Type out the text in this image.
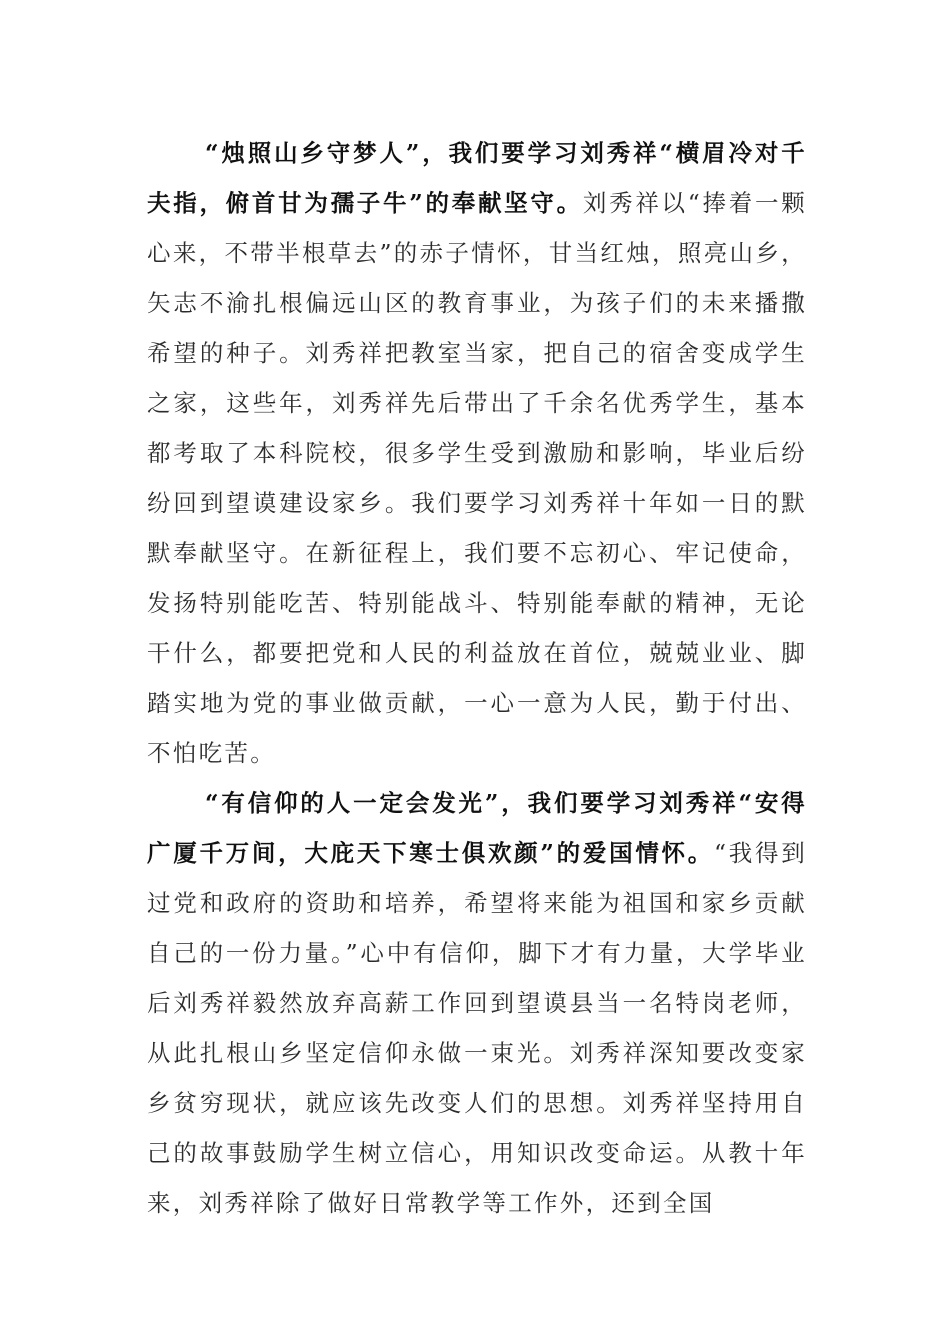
“烛照山乡守梦人”，我们要学习刘秀祥“横眉冷对千夫指，俯首甘为孺子牛”的奉献坚守。刘秀祥以“捧着一颗心来，不带半根草去”的赤子情怀，甘当红烛，照亮山乡，矢志不渝扎根偏远山区的教育事业，为孩子们的未来播撒希望的种子。刘秀祥把教室当家，把自己的宿舍变成学生之家，这些年，刘秀祥先后带出了千余名优秀学生，基本都考取了本科院校，很多学生受到激励和影响，毕业后纷纷回到望谟建设家乡。我们要学习刘秀祥十年如一日的默默奉献坚守。在新征程上，我们要不忘初心、牢记使命，发扬特别能吃苦、特别能战斗、特别能奉献的精神，无论干什么，都要把党和人民的利益放在首位，兢兢业业、脚踏实地为党的事业做贡献，一心一意为人民，勤于付出、不怕吃苦。

“有信仰的人一定会发光”，我们要学习刘秀祥“安得广厦千万间，大庇天下寒士俱欢颜”的爱国情怀。“我得到过党和政府的资助和培养，希望将来能为祖国和家乡贡献自己的一份力量。”心中有信仰，脚下才有力量，大学毕业后刘秀祥毅然放弃高薪工作回到望谟县当一名特岗老师，从此扎根山乡坚定信仰永做一束光。刘秀祥深知要改变家乡贫穷现状，就应该先改变人们的思想。刘秀祥坚持用自己的故事鼓励学生树立信心，用知识改变命运。从教十年来，刘秀祥除了做好日常教学等工作外，还到全国
